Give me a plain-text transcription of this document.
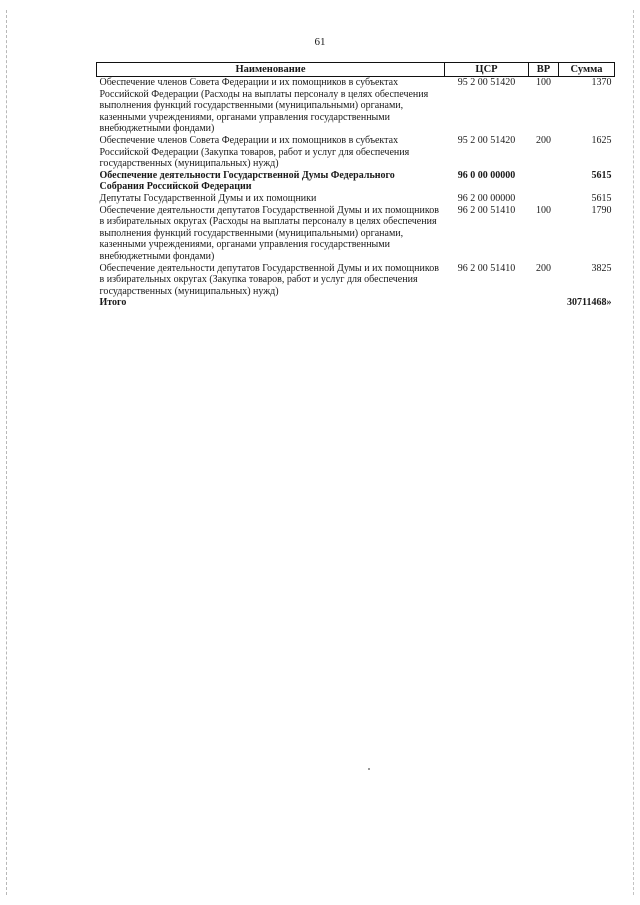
61
Наименование	ЦСР	ВР	Сумма
Обеспечение членов Совета Федерации и их помощников в субъектах Российской Федерации (Расходы на выплаты персоналу в целях обеспечения выполнения функций государственными (муниципальными) органами, казенными учреждениями, органами управления государственными внебюджетными фондами)	95 2 00 51420	100	1370
Обеспечение членов Совета Федерации и их помощников в субъектах Российской Федерации (Закупка товаров, работ и услуг для обеспечения государственных (муниципальных) нужд)	95 2 00 51420	200	1625
Обеспечение деятельности Государственной Думы Федерального Собрания Российской Федерации	96 0 00 00000		5615
Депутаты Государственной Думы и их помощники	96 2 00 00000		5615
Обеспечение деятельности депутатов Государственной Думы и их помощников в избирательных округах (Расходы на выплаты персоналу в целях обеспечения выполнения функций государственными (муниципальными) органами, казенными учреждениями, органами управления государственными внебюджетными фондами)	96 2 00 51410	100	1790
Обеспечение деятельности депутатов Государственной Думы и их помощников в избирательных округах (Закупка товаров, работ и услуг для обеспечения государственных (муниципальных) нужд)	96 2 00 51410	200	3825
Итого			30711468»
